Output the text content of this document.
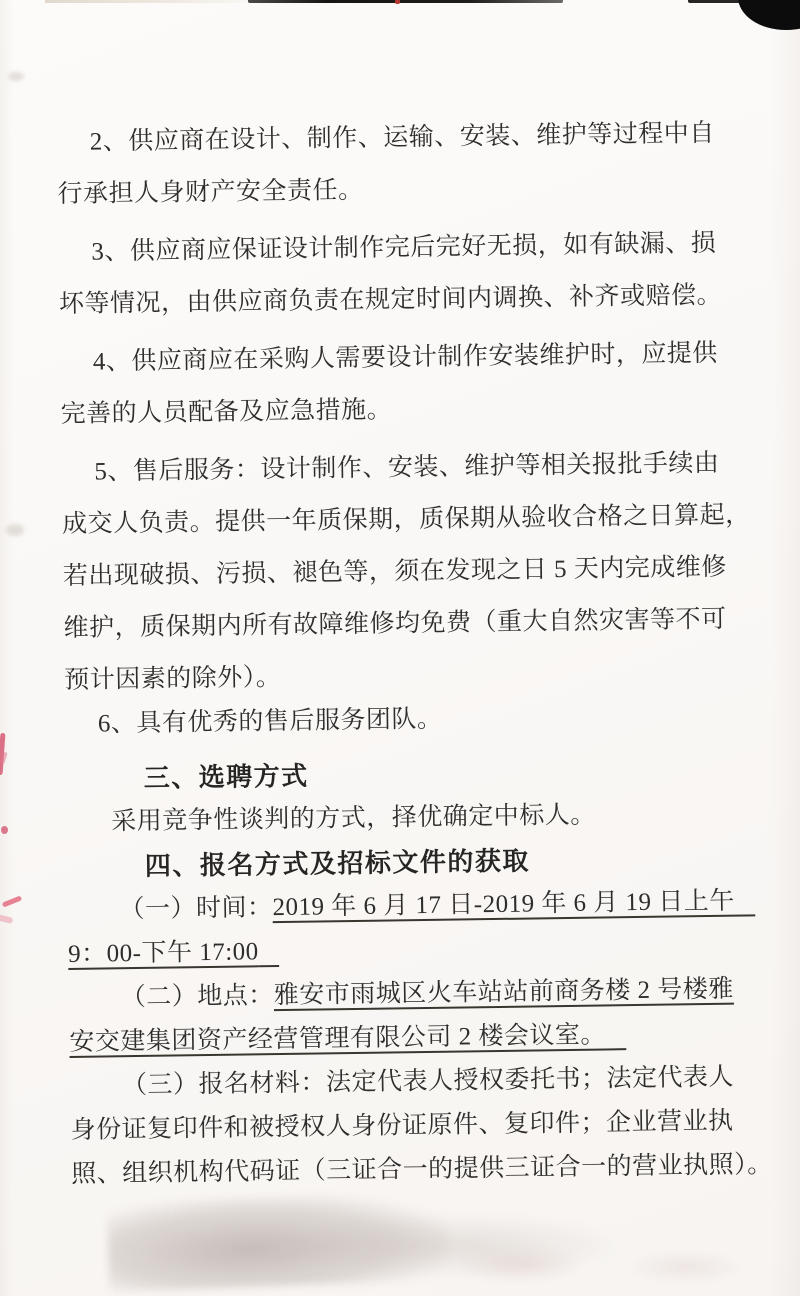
2、供应商在设计、制作、运输、安装、维护等过程中自
行承担人身财产安全责任。
3、供应商应保证设计制作完后完好无损，如有缺漏、损
坏等情况，由供应商负责在规定时间内调换、补齐或赔偿。
4、供应商应在采购人需要设计制作安装维护时，应提供
完善的人员配备及应急措施。
5、售后服务：设计制作、安装、维护等相关报批手续由
成交人负责。提供一年质保期，质保期从验收合格之日算起，
若出现破损、污损、褪色等，须在发现之日 5 天内完成维修
维护，质保期内所有故障维修均免费（重大自然灾害等不可
预计因素的除外）。
6、具有优秀的售后服务团队。
三、选聘方式
采用竞争性谈判的方式，择优确定中标人。
四、报名方式及招标文件的获取
（一）时间：2019 年 6 月 17 日-2019 年 6 月 19 日上午
9：00-下午 17:00
（二）地点：雅安市雨城区火车站站前商务楼 2 号楼雅
安交建集团资产经营管理有限公司 2 楼会议室。
（三）报名材料：法定代表人授权委托书；法定代表人
身份证复印件和被授权人身份证原件、复印件；企业营业执
照、组织机构代码证（三证合一的提供三证合一的营业执照）。
